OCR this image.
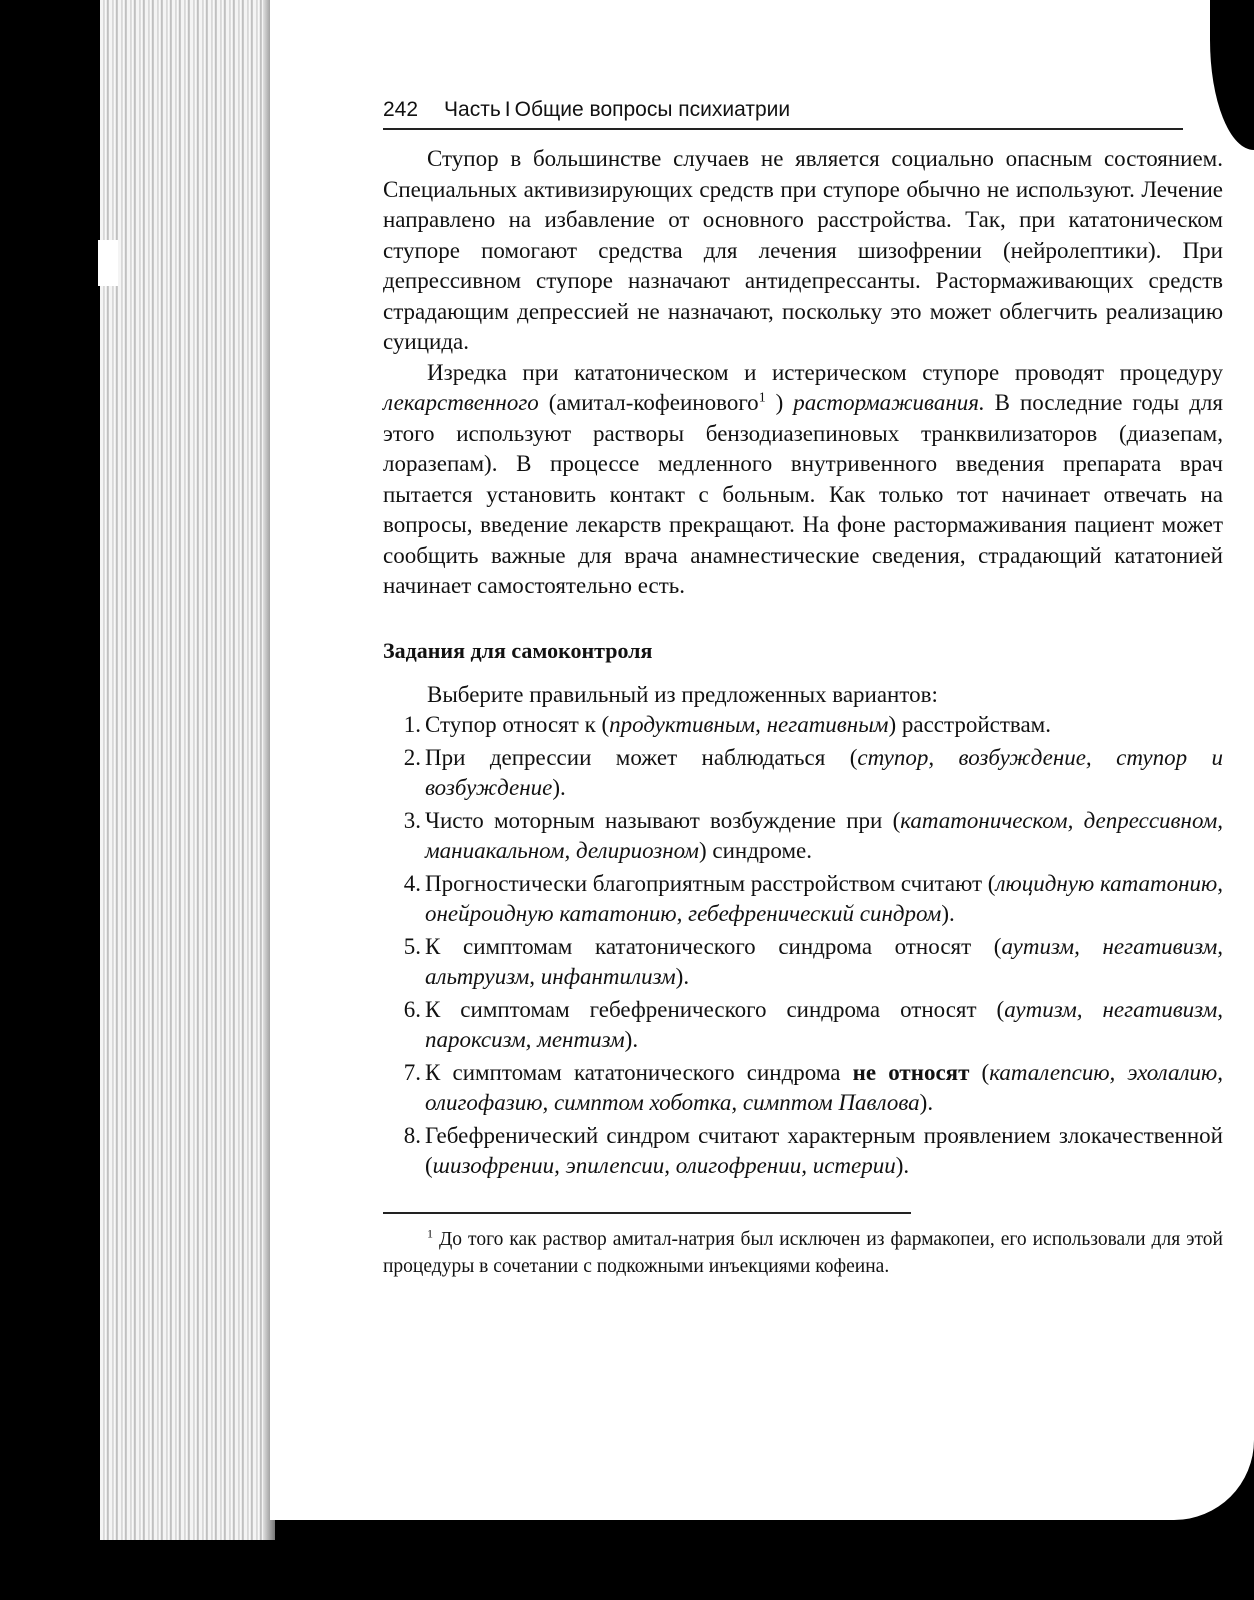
242 Часть I Общие вопросы психиатрии

Ступор в большинстве случаев не является социально опасным состоянием. Специальных активизирующих средств при ступоре обычно не используют. Лечение направлено на избавление от основного расстройства. Так, при кататоническом ступоре помогают средства для лечения шизофрении (нейролептики). При депрессивном ступоре назначают антидепрессанты. Растормаживающих средств страдающим депрессией не назначают, поскольку это может облегчить реализацию суицида.

Изредка при кататоническом и истерическом ступоре проводят процедуру лекарственного (амитал-кофеинового$^1$ ) растормаживания. В последние годы для этого используют растворы бензодиазепиновых транквилизаторов (диазепам, лоразепам). В процессе медленного внутривенного введения препарата врач пытается установить контакт с больным. Как только тот начинает отвечать на вопросы, введение лекарств прекращают. На фоне растормаживания пациент может сообщить важные для врача анамнестические сведения, страдающий кататонией начинает самостоятельно есть.

Задания для самоконтроля

Выберите правильный из предложенных вариантов:

1. Ступор относят к (продуктивным, негативным) расстройствам.
2. При депрессии может наблюдаться (ступор, возбуждение, ступор и возбуждение).
3. Чисто моторным называют возбуждение при (кататоническом, депрессивном, маниакальном, делириозном) синдроме.
4. Прогностически благоприятным расстройством считают (люцидную кататонию, онейроидную кататонию, гебефренический синдром).
5. К симптомам кататонического синдрома относят (аутизм, негативизм, альтруизм, инфантилизм).
6. К симптомам гебефренического синдрома относят (аутизм, негативизм, пароксизм, ментизм).
7. К симптомам кататонического синдрома не относят (каталепсию, эхолалию, олигофазию, симптом хоботка, симптом Павлова).
8. Гебефренический синдром считают характерным проявлением злокачественной (шизофрении, эпилепсии, олигофрении, истерии).

$^1$ До того как раствор амитал-натрия был исключен из фармакопеи, его использовали для этой процедуры в сочетании с подкожными инъекциями кофеина.
